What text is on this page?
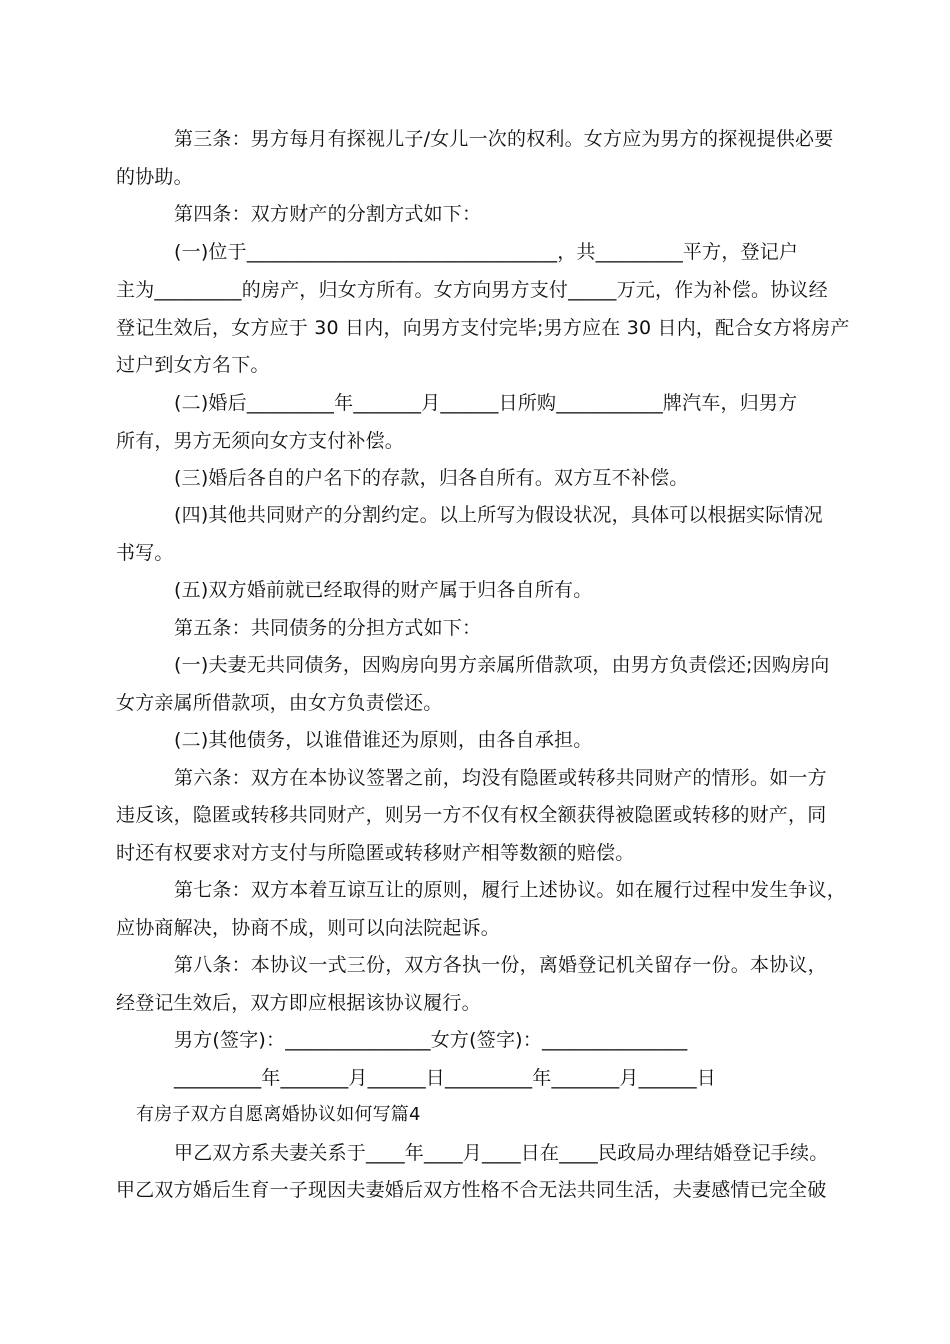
第三条：男方每月有探视儿子/女儿一次的权利。女方应为男方的探视提供必要
的协助。
第四条：双方财产的分割方式如下：
(一)位于________________________________，共_________平方，登记户
主为_________的房产，归女方所有。女方向男方支付_____万元，作为补偿。协议经
登记生效后，女方应于 30 日内，向男方支付完毕;男方应在 30 日内，配合女方将房产
过户到女方名下。
(二)婚后_________年_______月______日所购___________牌汽车，归男方
所有，男方无须向女方支付补偿。
(三)婚后各自的户名下的存款，归各自所有。双方互不补偿。
(四)其他共同财产的分割约定。以上所写为假设状况，具体可以根据实际情况
书写。
(五)双方婚前就已经取得的财产属于归各自所有。
第五条：共同债务的分担方式如下：
(一)夫妻无共同债务，因购房向男方亲属所借款项，由男方负责偿还;因购房向
女方亲属所借款项，由女方负责偿还。
(二)其他债务，以谁借谁还为原则，由各自承担。
第六条：双方在本协议签署之前，均没有隐匿或转移共同财产的情形。如一方
违反该，隐匿或转移共同财产，则另一方不仅有权全额获得被隐匿或转移的财产，同
时还有权要求对方支付与所隐匿或转移财产相等数额的赔偿。
第七条：双方本着互谅互让的原则，履行上述协议。如在履行过程中发生争议，
应协商解决，协商不成，则可以向法院起诉。
第八条：本协议一式三份，双方各执一份，离婚登记机关留存一份。本协议，
经登记生效后，双方即应根据该协议履行。
男方(签字)：_______________女方(签字)：_______________
_________年_______月______日_________年_______月______日
有房子双方自愿离婚协议如何写篇4
甲乙双方系夫妻关系于____年____月____日在____民政局办理结婚登记手续。
甲乙双方婚后生育一子现因夫妻婚后双方性格不合无法共同生活，夫妻感情已完全破
